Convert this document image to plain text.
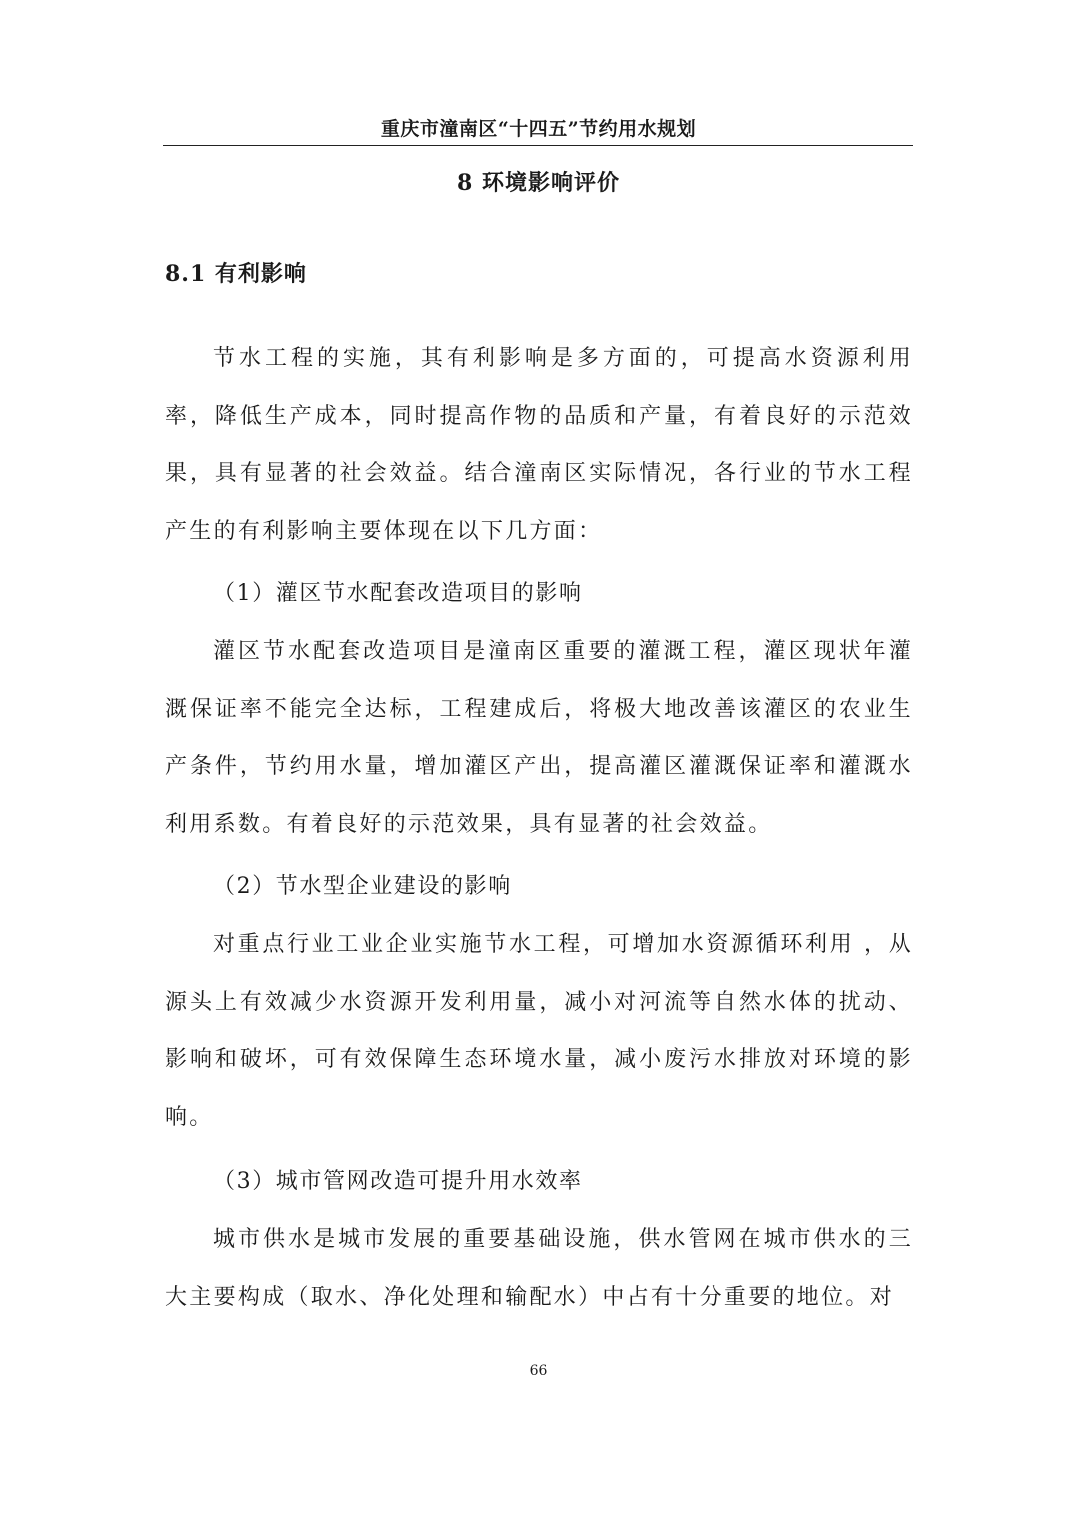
重庆市潼南区“十四五”节约用水规划
8 环境影响评价
8.1 有利影响

节水工程的实施，其有利影响是多方面的，可提高水资源利用率，降低生产成本，同时提高作物的品质和产量，有着良好的示范效果，具有显著的社会效益。结合潼南区实际情况，各行业的节水工程产生的有利影响主要体现在以下几方面：

（1）灌区节水配套改造项目的影响

灌区节水配套改造项目是潼南区重要的灌溉工程，灌区现状年灌溉保证率不能完全达标，工程建成后，将极大地改善该灌区的农业生产条件，节约用水量，增加灌区产出，提高灌区灌溉保证率和灌溉水利用系数。有着良好的示范效果，具有显著的社会效益。

（2）节水型企业建设的影响

对重点行业工业企业实施节水工程，可增加水资源循环利用 ，从源头上有效减少水资源开发利用量，减小对河流等自然水体的扰动、影响和破坏，可有效保障生态环境水量，减小废污水排放对环境的影响。

（3）城市管网改造可提升用水效率

城市供水是城市发展的重要基础设施，供水管网在城市供水的三大主要构成（取水、净化处理和输配水）中占有十分重要的地位。对

66
